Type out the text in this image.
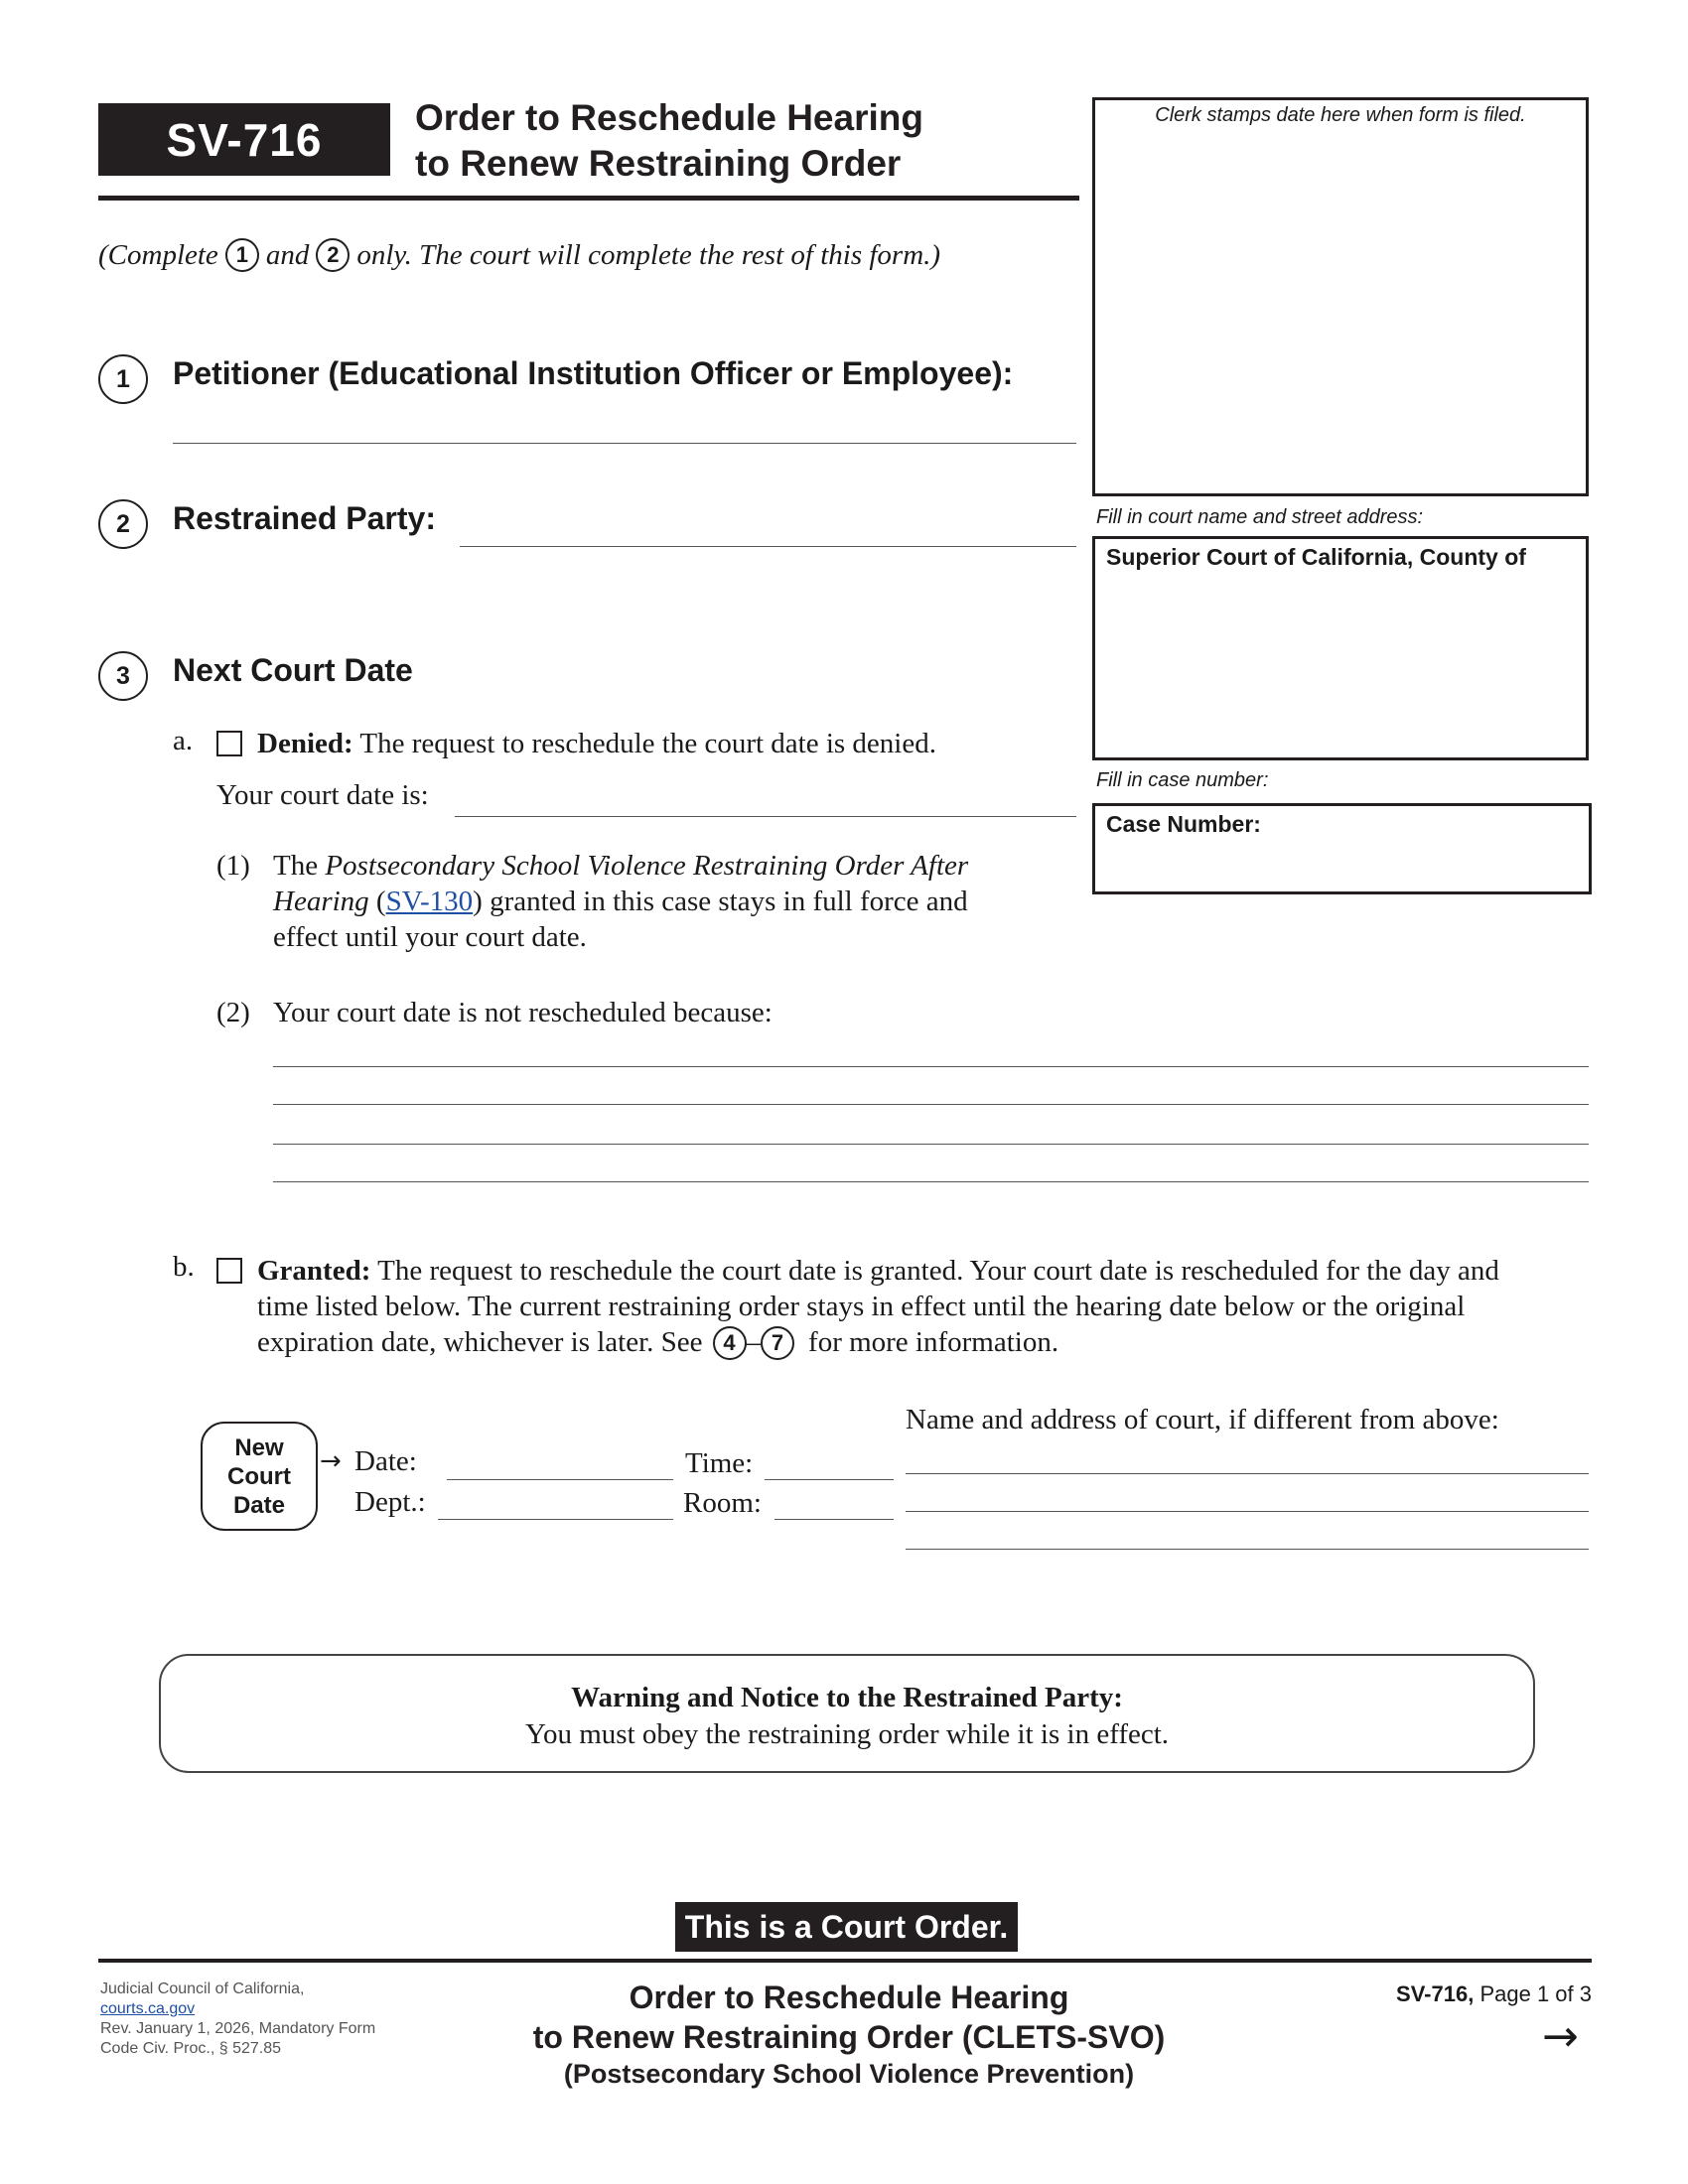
SV-716	Order to Reschedule Hearing
to Renew Restraining Order
Clerk stamps date here when form is filed.
Fill in court name and street address:
Superior Court of California, County of
Fill in case number:
Case Number:
(Complete 1 and 2 only. The court will complete the rest of this form.)
1	Petitioner (Educational Institution Officer or Employee):
2	Restrained Party:
3	Next Court Date
a. Denied: The request to reschedule the court date is denied.
Your court date is:
(1) The Postsecondary School Violence Restraining Order After
Hearing (SV-130) granted in this case stays in full force and
effect until your court date.
(2) Your court date is not rescheduled because:
b. Granted: The request to reschedule the court date is granted. Your court date is rescheduled for the day and
time listed below. The current restraining order stays in effect until the hearing date below or the original
expiration date, whichever is later. See 4 – 7 for more information.
New
Court
Date
→ Date:	Time:
Dept.:	Room:
Name and address of court, if different from above:
Warning and Notice to the Restrained Party:
You must obey the restraining order while it is in effect.
This is a Court Order.
Judicial Council of California,
courts.ca.gov
Rev. January 1, 2026, Mandatory Form
Code Civ. Proc., § 527.85
Order to Reschedule Hearing
to Renew Restraining Order (CLETS-SVO)
(Postsecondary School Violence Prevention)
SV-716, Page 1 of 3
→
